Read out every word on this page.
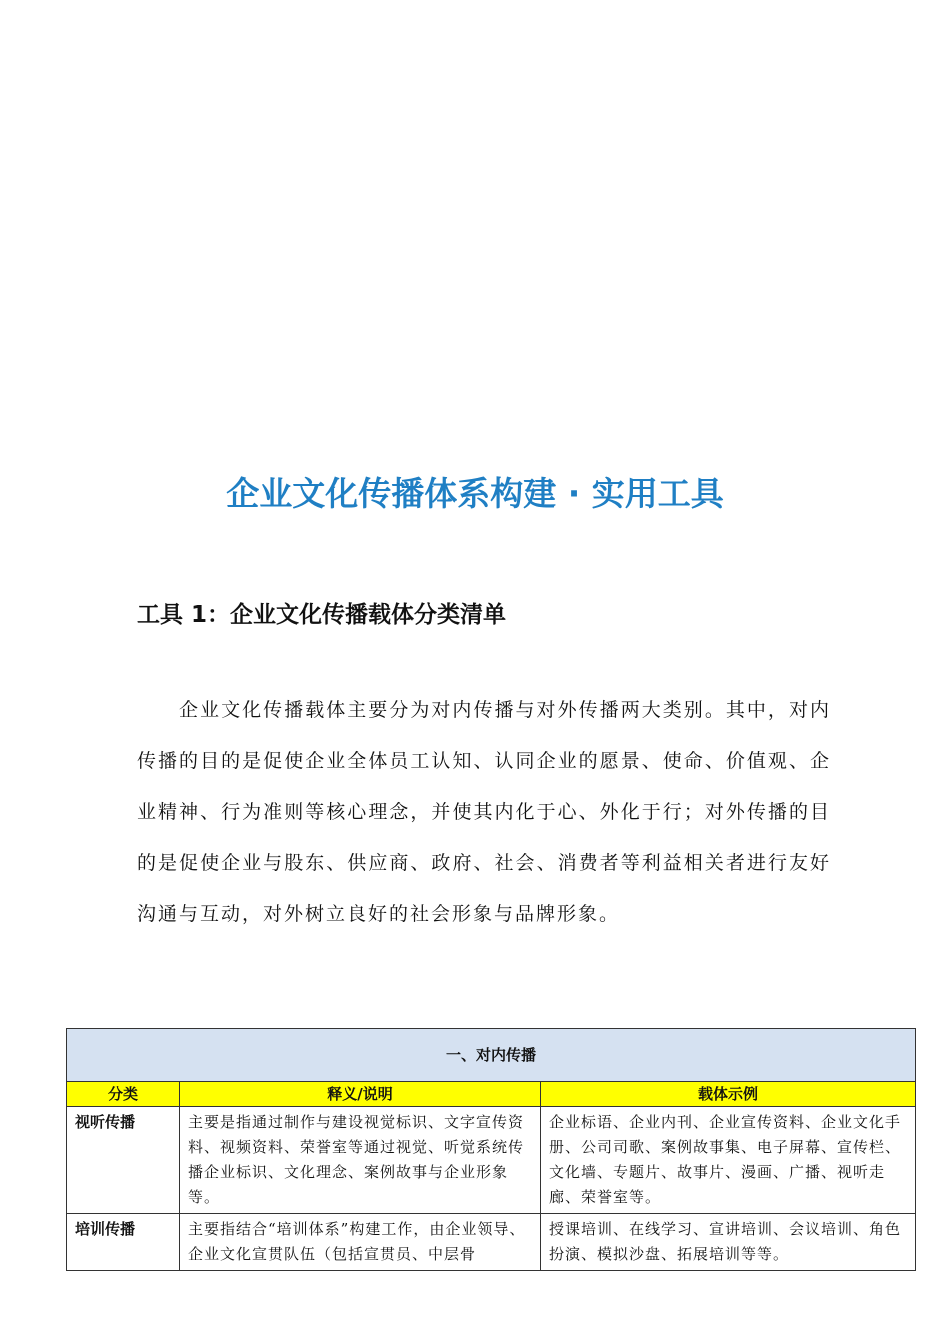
企业文化传播体系构建 · 实用工具
工具 1：企业文化传播载体分类清单

企业文化传播载体主要分为对内传播与对外传播两大类别。其中，对内传播的目的是促使企业全体员工认知、认同企业的愿景、使命、价值观、企业精神、行为准则等核心理念，并使其内化于心、外化于行；对外传播的目的是促使企业与股东、供应商、政府、社会、消费者等利益相关者进行友好沟通与互动，对外树立良好的社会形象与品牌形象。

一、对内传播		
分类	释义/说明	载体示例
视听传播	主要是指通过制作与建设视觉标识、文字宣传资料、视频资料、荣誉室等通过视觉、听觉系统传播企业标识、文化理念、案例故事与企业形象等。	企业标语、企业内刊、企业宣传资料、企业文化手册、公司司歌、案例故事集、电子屏幕、宣传栏、文化墙、专题片、故事片、漫画、广播、视听走廊、荣誉室等。
培训传播	主要指结合“培训体系”构建工作，由企业领导、企业文化宣贯队伍（包括宣贯员、中层骨	授课培训、在线学习、宣讲培训、会议培训、角色扮演、模拟沙盘、拓展培训等等。
